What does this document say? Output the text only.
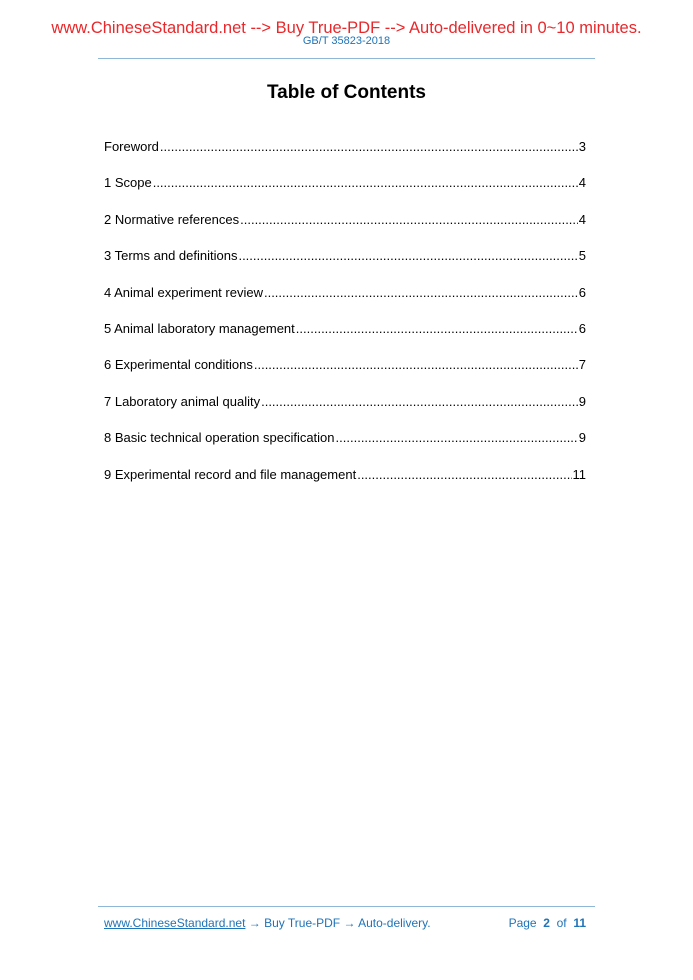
www.ChineseStandard.net --> Buy True-PDF --> Auto-delivered in 0~10 minutes.
GB/T 35823-2018
Table of Contents
Foreword .....	3
1 Scope .....	4
2 Normative references .....	4
3 Terms and definitions .....	5
4 Animal experiment review .....	6
5 Animal laboratory management .....	6
6 Experimental conditions .....	7
7 Laboratory animal quality .....	9
8 Basic technical operation specification .....	9
9 Experimental record and file management .....	11
www.ChineseStandard.net → Buy True-PDF → Auto-delivery.	Page 2 of 11
